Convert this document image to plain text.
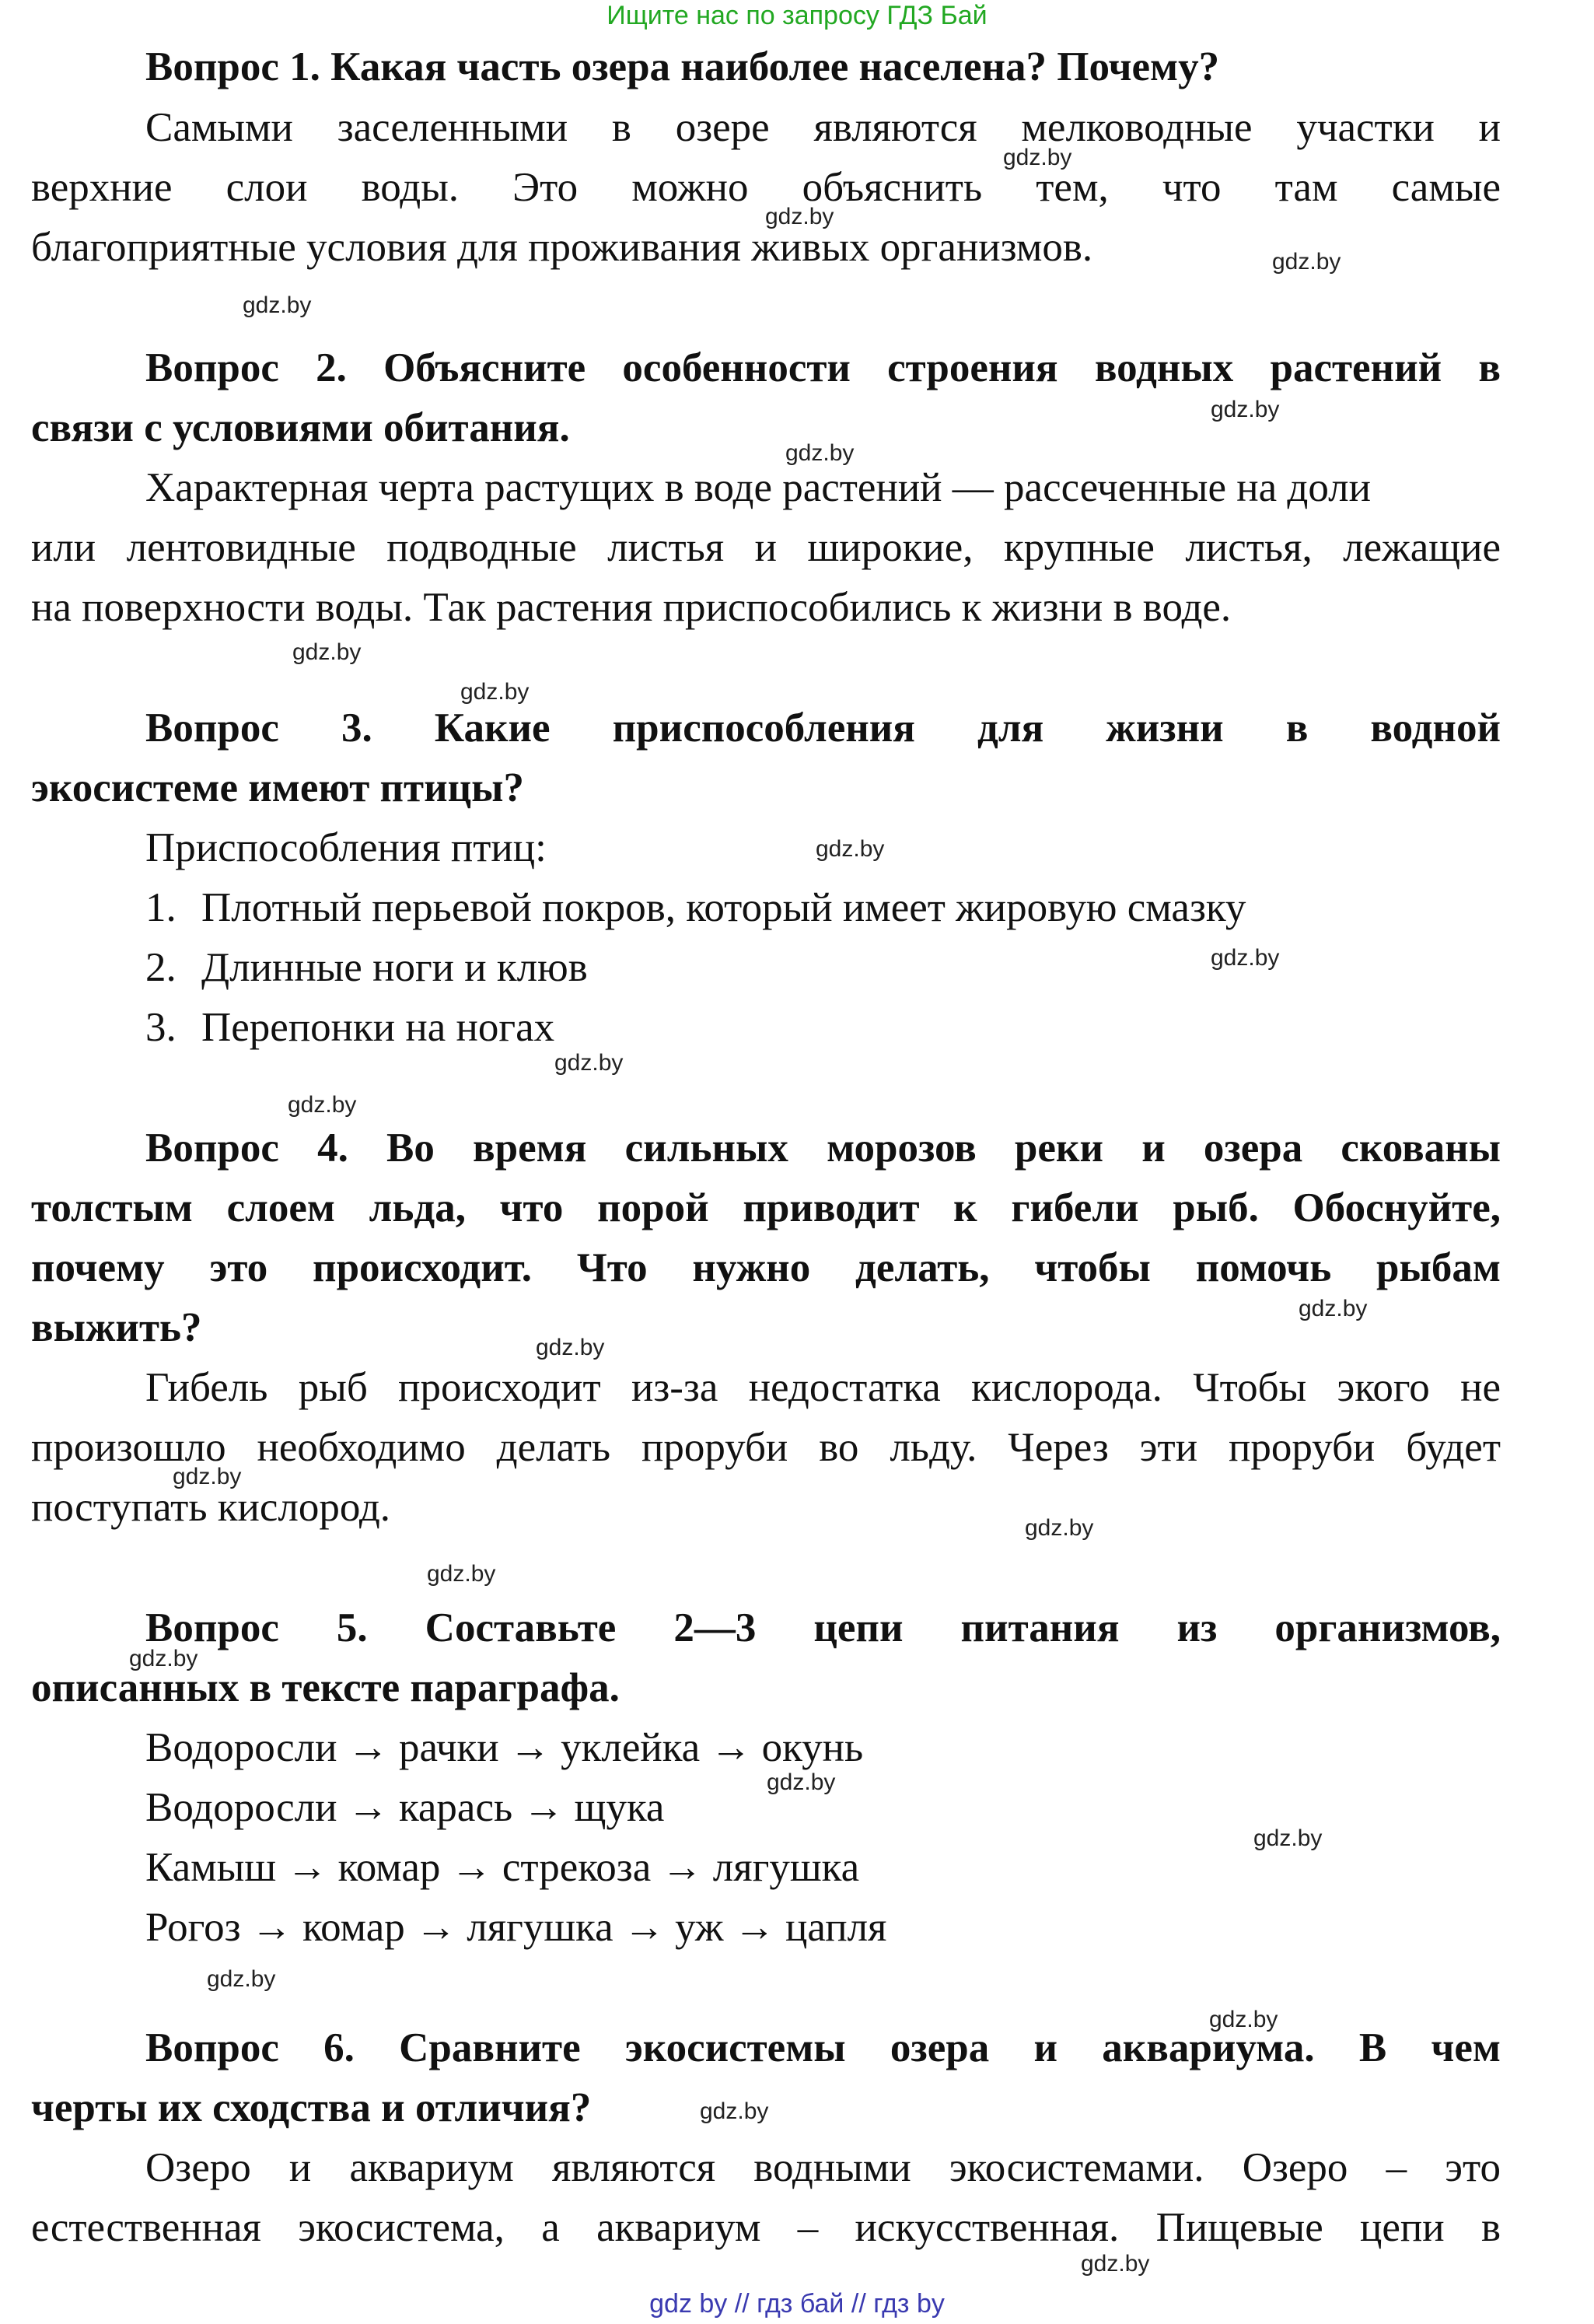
Ищите нас по запросу ГДЗ Бай
Вопрос 1. Какая часть озера наиболее населена? Почему?
Самыми заселенными в озере являются мелководные участки и
верхние слои воды. Это можно объяснить тем, что там самые
благоприятные условия для проживания живых организмов.
Вопрос 2. Объясните особенности строения водных растений в
связи с условиями обитания.
Характерная черта растущих в воде растений — рассеченные на доли
или лентовидные подводные листья и широкие, крупные листья, лежащие
на поверхности воды. Так растения приспособились к жизни в воде.
Вопрос 3. Какие приспособления для жизни в водной
экосистеме имеют птицы?
Приспособления птиц:
1. Плотный перьевой покров, который имеет жировую смазку
2. Длинные ноги и клюв
3. Перепонки на ногах
Вопрос 4. Во время сильных морозов реки и озера скованы
толстым слоем льда, что порой приводит к гибели рыб. Обоснуйте,
почему это происходит. Что нужно делать, чтобы помочь рыбам
выжить?
Гибель рыб происходит из-за недостатка кислорода. Чтобы экого не
произошло необходимо делать проруби во льду. Через эти проруби будет
поступать кислород.
Вопрос 5. Составьте 2—3 цепи питания из организмов,
описанных в тексте параграфа.
Водоросли → рачки → уклейка → окунь
Водоросли → карась → щука
Камыш → комар → стрекоза → лягушка
Рогоз → комар → лягушка → уж → цапля
Вопрос 6. Сравните экосистемы озера и аквариума. В чем
черты их сходства и отличия?
Озеро и аквариум являются водными экосистемами. Озеро – это
естественная экосистема, а аквариум – искусственная. Пищевые цепи в
gdz.by
gdz.by
gdz.by
gdz.by
gdz.by
gdz.by
gdz.by
gdz.by
gdz.by
gdz.by
gdz.by
gdz.by
gdz.by
gdz.by
gdz.by
gdz.by
gdz.by
gdz.by
gdz.by
gdz.by
gdz.by
gdz.by
gdz.by
gdz.by
gdz by // гдз бай // гдз by
